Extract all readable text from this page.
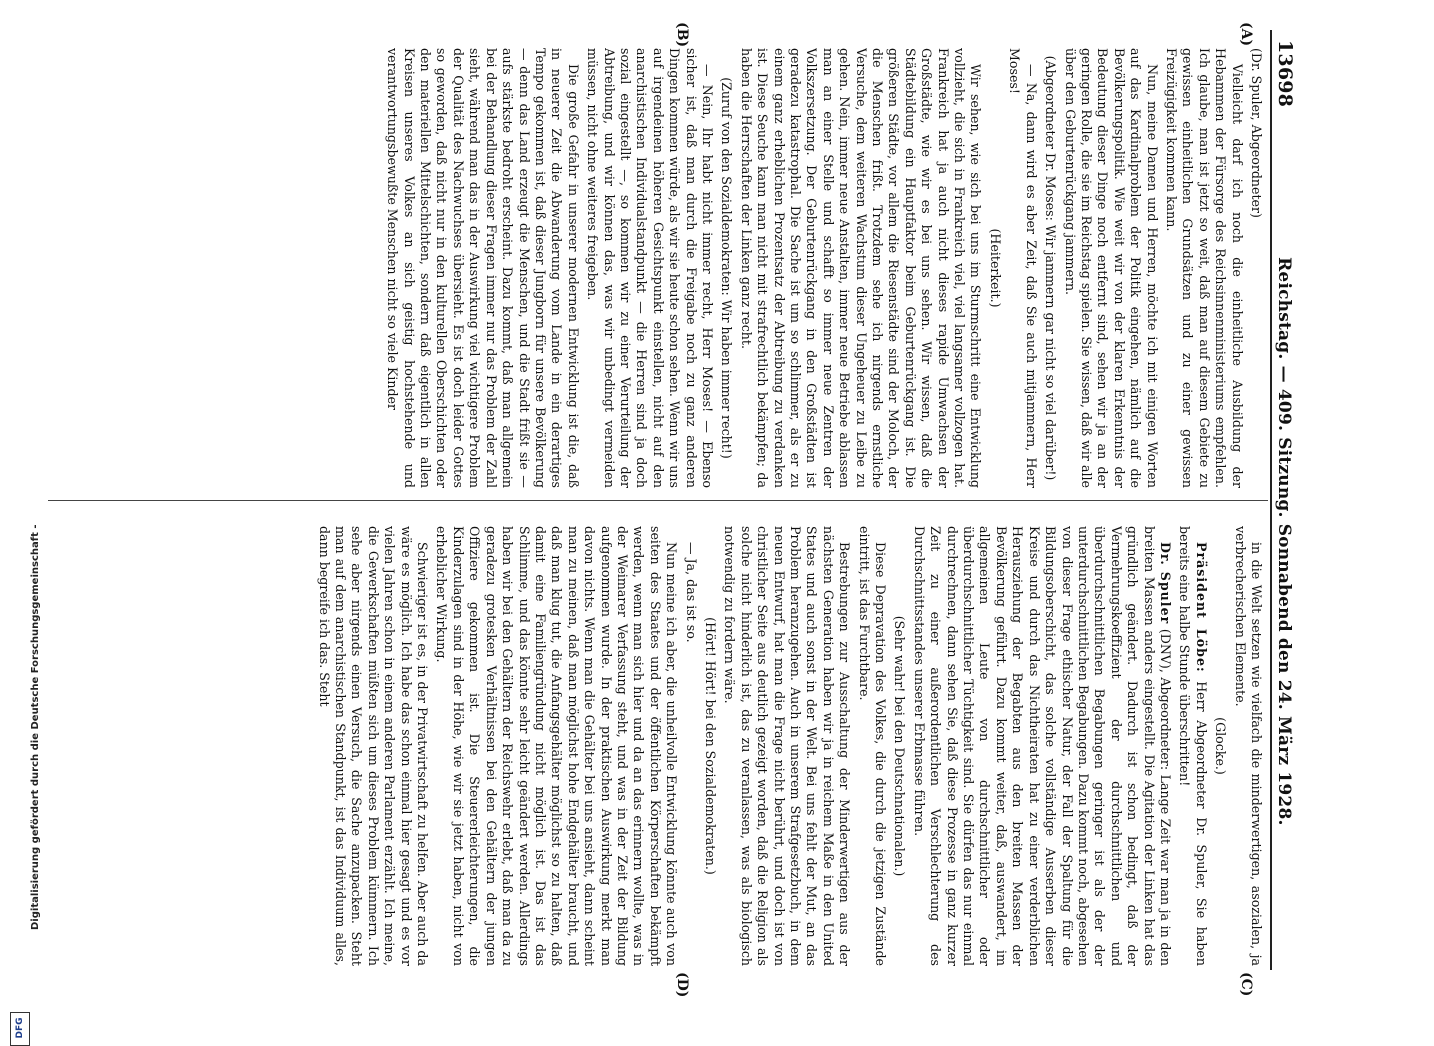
13698
Reichstag. — 409. Sitzung. Sonnabend den 24. März 1928.
(A)
(B)
(C)
(D)

(Dr. Spuler, Abgeordneter)

Vielleicht darf ich noch die einheitliche Ausbildung der Hebammen der Fürsorge des Reichsinnenministeriums empfehlen. Ich glaube, man ist jetzt so weit, daß man auf diesem Gebiete zu gewissen einheitlichen Grundsätzen und zu einer gewissen Freizügigkeit kommen kann.

Nun, meine Damen und Herren, möchte ich mit einigen Worten auf das Kardinalproblem der Politik eingehen, nämlich auf die Bevölkerungspolitik. Wie weit wir von der klaren Erkenntnis der Bedeutung dieser Dinge noch entfernt sind, sehen wir ja an der geringen Rolle, die sie im Reichstag spielen. Sie wissen, daß wir alle über den Geburtenrückgang jammern.

(Abgeordneter Dr. Moses: Wir jammern gar nicht so viel darüber!)

— Na, dann wird es aber Zeit, daß Sie auch mitjammern, Herr Moses!

(Heiterkeit.)

Wir sehen, wie sich bei uns im Sturmschritt eine Entwicklung vollzieht, die sich in Frankreich viel, viel langsamer vollzogen hat. Frankreich hat ja auch nicht dieses rapide Umwachsen der Großstädte, wie wir es bei uns sehen. Wir wissen, daß die Städtebildung ein Hauptfaktor beim Geburtenrückgang ist. Die größeren Städte, vor allem die Riesenstädte sind der Moloch, der die Menschen frißt. Trotzdem sehe ich nirgends ernstliche Versuche, dem weiteren Wachstum dieser Ungeheuer zu Leibe zu gehen. Nein, immer neue Anstalten, immer neue Betriebe ablassen man an einer Stelle und schafft so immer neue Zentren der Volkszersetzung. Der Geburtenrückgang in den Großstädten ist geradezu katastrophal. Die Sache ist um so schlimmer, als er zu einem ganz erheblichen Prozentsatz der Abtreibung zu verdanken ist. Diese Seuche kann man nicht mit strafrechtlich bekämpfen; da haben die Herrschaften der Linken ganz recht.

(Zuruf von den Sozialdemokraten: Wir haben immer recht!)

— Nein, Ihr habt nicht immer recht, Herr Moses! — Ebenso sicher ist, daß man durch die Freigabe noch zu ganz anderen Dingen kommen würde, als wir sie heute schon sehen. Wenn wir uns auf irgendeinen höheren Gesichtspunkt einstellen, nicht auf den anarchistischen Individualstandpunkt — die Herren sind ja doch sozial eingestellt —, so kommen wir zu einer Verurteilung der Abtreibung, und wir können das, was wir unbedingt vermeiden müssen, nicht ohne weiteres freigeben.

Die große Gefahr in unserer modernen Entwicklung ist die, daß in neuerer Zeit die Abwanderung vom Lande in ein derartiges Tempo gekommen ist, daß dieser Jungborn für unsere Bevölkerung — denn das Land erzeugt die Menschen, und die Stadt frißt sie — aufs stärkste bedroht erscheint. Dazu kommt, daß man allgemein bei der Behandlung dieser Fragen immer nur das Problem der Zahl sieht, während man das in der Auswirkung viel wichtigere Problem der Qualität des Nachwuchses übersieht. Es ist doch leider Gottes so geworden, daß nicht nur in den kulturellen Oberschichten oder den materiellen Mittelschichten, sondern daß eigentlich in allen Kreisen unseres Volkes an sich geistig hochstehende und verantwortungsbewußte Menschen nicht so viele Kinder

in die Welt setzen wie vielfach die minderwertigen, asozialen, ja verbrecherischen Elemente.

(Glocke.)

Präsident Löbe: Herr Abgeordneter Dr. Spuler, Sie haben bereits eine halbe Stunde überschritten!

Dr. Spuler (DNV), Abgeordneter: Lange Zeit war man ja in den breiten Massen anders eingestellt. Die Agitation der Linken hat das gründlich geändert. Dadurch ist schon bedingt, daß der Vermehrungskoeffizient der durchschnittlichen und überdurchschnittlichen Begabungen geringer ist als der der unterdurchschnittlichen Begabungen. Dazu kommt noch, abgesehen von dieser Frage ethischer Natur, der Fall der Spaltung für die Bildungsoberschicht, das solche vollständige Ausserben dieser Kreise und durch das Nichtheiraten hat zu einer verderblichen Herausziehung der Begabten aus den breiten Massen der Bevölkerung geführt. Dazu kommt weiter, daß, auswandert, im allgemeinen Leute von durchschnittlicher oder überdurchschnittlicher Tüchtigkeit sind. Sie dürfen das nur einmal durchrechnen, dann sehen Sie, daß diese Prozesse in ganz kurzer Zeit zu einer außerordentlichen Verschlechterung des Durchschnittsstandes unserer Erbmasse führen.

(Sehr wahr! bei den Deutschnationalen.)

Diese Depravation des Volkes, die durch die jetzigen Zustände eintritt, ist das Furchtbare.

Bestrebungen zur Ausschaltung der Minderwertigen aus der nächsten Generation haben wir ja in reichem Maße in den United States und auch sonst in der Welt. Bei uns fehlt der Mut, an das Problem heranzugehen. Auch in unserem Strafgesetzbuch, in dem neuen Entwurf, hat man die Frage nicht berührt, und doch ist von christlicher Seite aus deutlich gezeigt worden, daß die Religion als solche nicht hinderlich ist, das zu veranlassen, was als biologisch notwendig zu fordern wäre.

(Hört! Hört! bei den Sozialdemokraten.)

— Ja, das ist so.

Nun meine ich aber, die unheilvolle Entwicklung könnte auch von seiten des Staates und der öffentlichen Körperschaften bekämpft werden, wenn man sich hier und da an das erinnern wollte, was in der Weimarer Verfassung steht, und was in der Zeit der Bildung aufgenommen wurde. In der praktischen Auswirkung merkt man davon nichts. Wenn man die Gehälter bei uns ansieht, dann scheint man zu meinen, daß man möglichst hohe Endgehälter braucht, und daß man klug tut, die Anfangsgehälter möglichst so zu halten, daß damit eine Familiengründung nicht möglich ist. Das ist das Schlimme, und das könnte sehr leicht geändert werden. Allerdings haben wir bei den Gehältern der Reichswehr erlebt, daß man da zu geradezu grotesken Verhältnissen bei den Gehältern der jungen Offiziere gekommen ist. Die Steuererleichterungen, die Kinderzulagen sind in der Höhe, wie wir sie jetzt haben, nicht von erheblicher Wirkung.

Schwieriger ist es, in der Privatwirtschaft zu helfen. Aber auch da wäre es möglich. Ich habe das schon einmal hier gesagt und es vor vielen Jahren schon in einem anderen Parlament erzählt. Ich meine, die Gewerkschaften müßten sich um dieses Problem kümmern. Ich sehe aber nirgends einen Versuch, die Sache anzupacken. Steht man auf dem anarchistischen Standpunkt, ist das Individuum alles, dann begreife ich das. Steht

Digitalisierung gefördert durch die Deutsche Forschungsgemeinschaft -
DFG
